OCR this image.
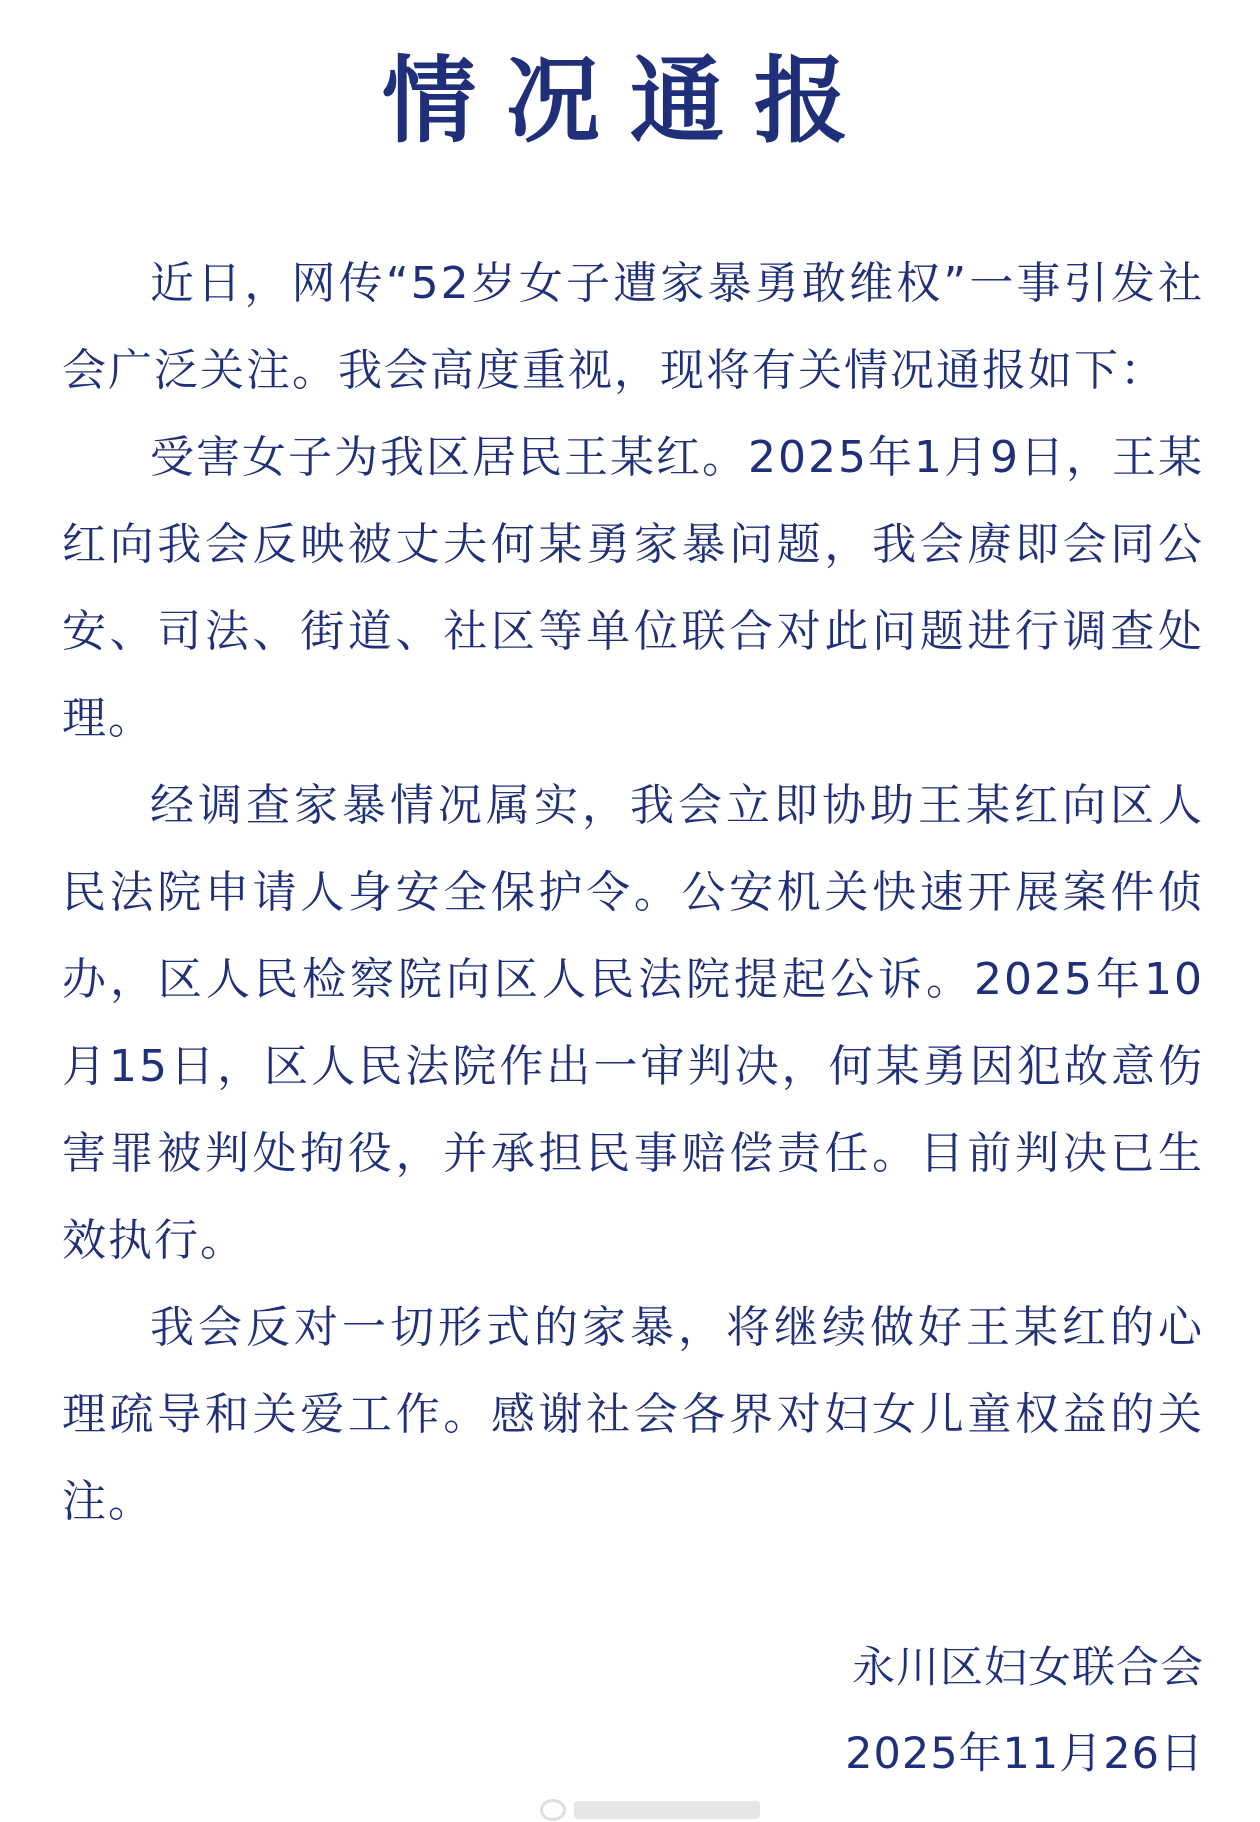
情况通报

近日，网传“52岁女子遭家暴勇敢维权”一事引发社会广泛关注。我会高度重视，现将有关情况通报如下：

受害女子为我区居民王某红。2025年1月9日，王某红向我会反映被丈夫何某勇家暴问题，我会赓即会同公安、司法、街道、社区等单位联合对此问题进行调查处理。

经调查家暴情况属实，我会立即协助王某红向区人民法院申请人身安全保护令。公安机关快速开展案件侦办，区人民检察院向区人民法院提起公诉。2025年10月15日，区人民法院作出一审判决，何某勇因犯故意伤害罪被判处拘役，并承担民事赔偿责任。目前判决已生效执行。

我会反对一切形式的家暴，将继续做好王某红的心理疏导和关爱工作。感谢社会各界对妇女儿童权益的关注。

永川区妇女联合会
2025年11月26日
